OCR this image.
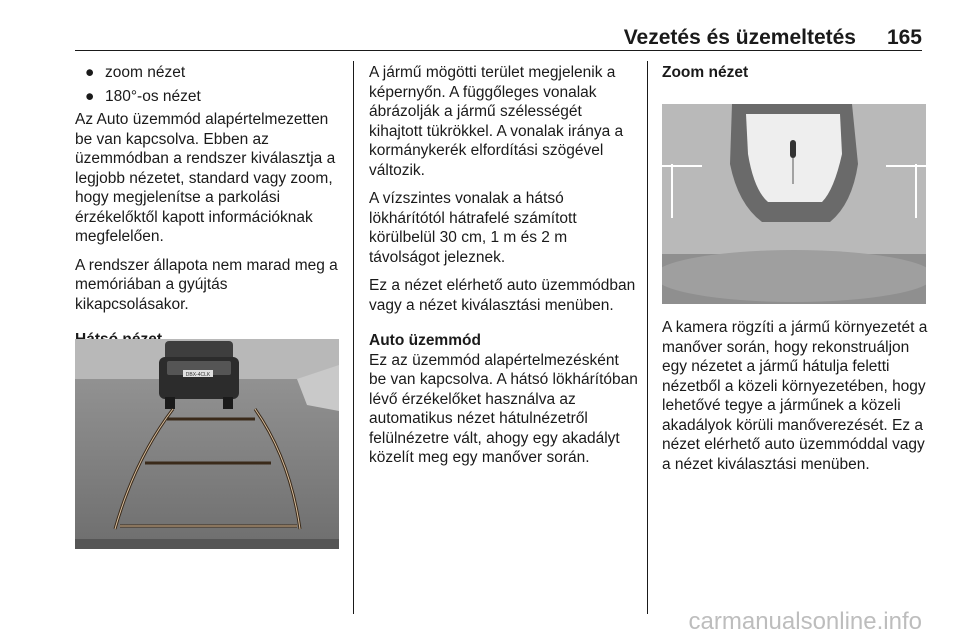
Vezetés és üzemeltetés 165
● zoom nézet
● 180°-os nézet

Az Auto üzemmód alapértelmezetten be van kapcsolva. Ebben az üzemmódban a rendszer kiválasztja a legjobb nézetet, standard vagy zoom, hogy megjelenítse a parkolási érzékelőktől kapott információknak megfelelően.

A rendszer állapota nem marad meg a memóriában a gyújtás kikapcsolásakor.

DBX-4CLK

A jármű mögötti terület megjelenik a képernyőn. A függőleges vonalak ábrázolják a jármű szélességét kihajtott tükrökkel. A vonalak iránya a kormánykerék elfordítási szögével változik.

A vízszintes vonalak a hátsó lökhárítótól hátrafelé számított körülbelül 30 cm, 1 m és 2 m távolságot jeleznek.

Ez a nézet elérhető auto üzemmódban vagy a nézet kiválasztási menüben.

Auto üzemmód

Ez az üzemmód alapértelmezésként be van kapcsolva. A hátsó lökhárítóban lévő érzékelőket használva az automatikus nézet hátulnézetről felülnézetre vált, ahogy egy akadályt közelít meg egy manőver során.

Zoom nézet

A kamera rögzíti a jármű környezetét a manőver során, hogy rekonstruáljon egy nézetet a jármű hátulja feletti nézetből a közeli környezetében, hogy lehetővé tegye a járműnek a közeli akadályok körüli manőverezését. Ez a nézet elérhető auto üzemmóddal vagy a nézet kiválasztási menüben.

carmanualsonline.info
